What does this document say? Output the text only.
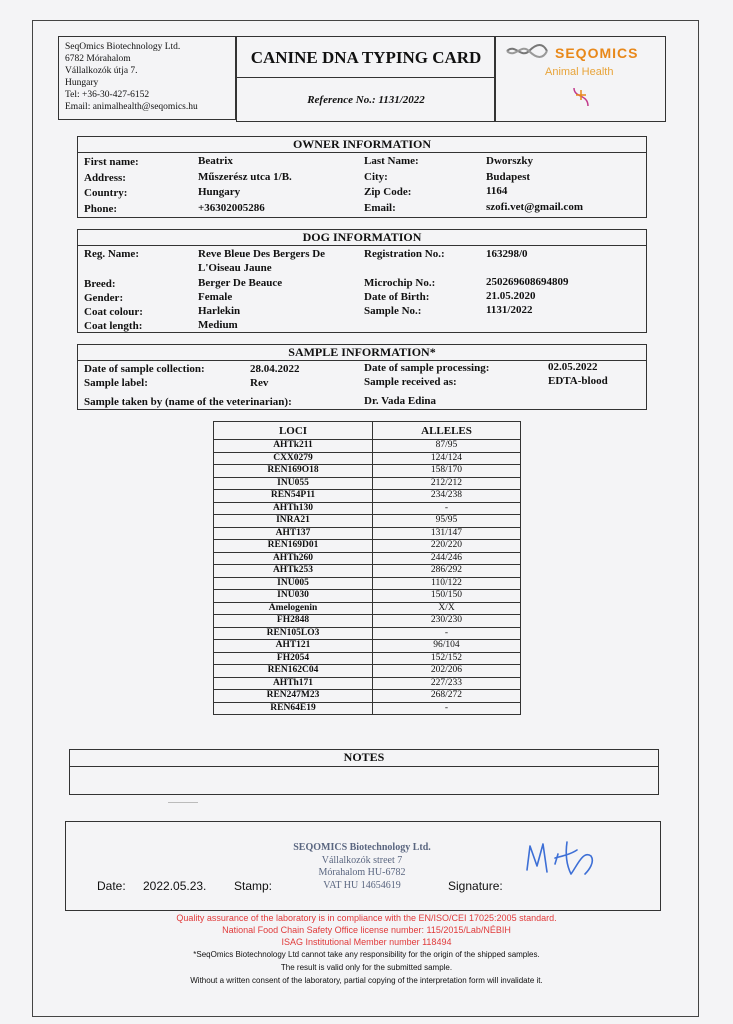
SeqOmics Biotechnology Ltd.
6782 Mórahalom
Vállalkozók útja 7.
Hungary
Tel: +36-30-427-6152
Email: animalhealth@seqomics.hu
CANINE DNA TYPING CARD
Reference No.: 1131/2022
SEQOMICS
Animal Health
OWNER INFORMATION
First name:	Beatrix	Last Name:	Dworszky
Address:	Műszerész utca 1/B.	City:	Budapest
Country:	Hungary	Zip Code:	1164
Phone:	+36302005286	Email:	szofi.vet@gmail.com
DOG INFORMATION
Reg. Name:	Reve Bleue Des Bergers De
L'Oiseau Jaune
Registration No.:	163298/0
Breed:	Berger De Beauce	Microchip No.:	250269608694809
Gender:	Female	Date of Birth:	21.05.2020
Coat colour:	Harlekin	Sample No.:	1131/2022
Coat length:	Medium
SAMPLE INFORMATION*
Date of sample collection:	28.04.2022	Date of sample processing:	02.05.2022
Sample label:	Rev	Sample received as:	EDTA-blood
Sample taken by (name of the veterinarian):	Dr. Vada Edina
LOCI	ALLELES
AHTk211	87/95
CXX0279	124/124
REN169O18	158/170
INU055	212/212
REN54P11	234/238
AHTh130	-
INRA21	95/95
AHT137	131/147
REN169D01	220/220
AHTh260	244/246
AHTk253	286/292
INU005	110/122
INU030	150/150
Amelogenin	X/X
FH2848	230/230
REN105LO3	-
AHT121	96/104
FH2054	152/152
REN162C04	202/206
AHTh171	227/233
REN247M23	268/272
REN64E19	-
NOTES
Date: 2022.05.23. Stamp:
SEQOMICS Biotechnology Ltd.
Vállalkozók street 7
Mórahalom HU-6782
VAT HU 14654619	Signature:
Quality assurance of the laboratory is in compliance with the EN/ISO/CEI 17025:2005 standard.
National Food Chain Safety Office license number: 115/2015/Lab/NÉBIH
ISAG Institutional Member number 118494
*SeqOmics Biotechnology Ltd cannot take any responsibility for the origin of the shipped samples.
The result is valid only for the submitted sample.
Without a written consent of the laboratory, partial copying of the interpretation form will invalidate it.
